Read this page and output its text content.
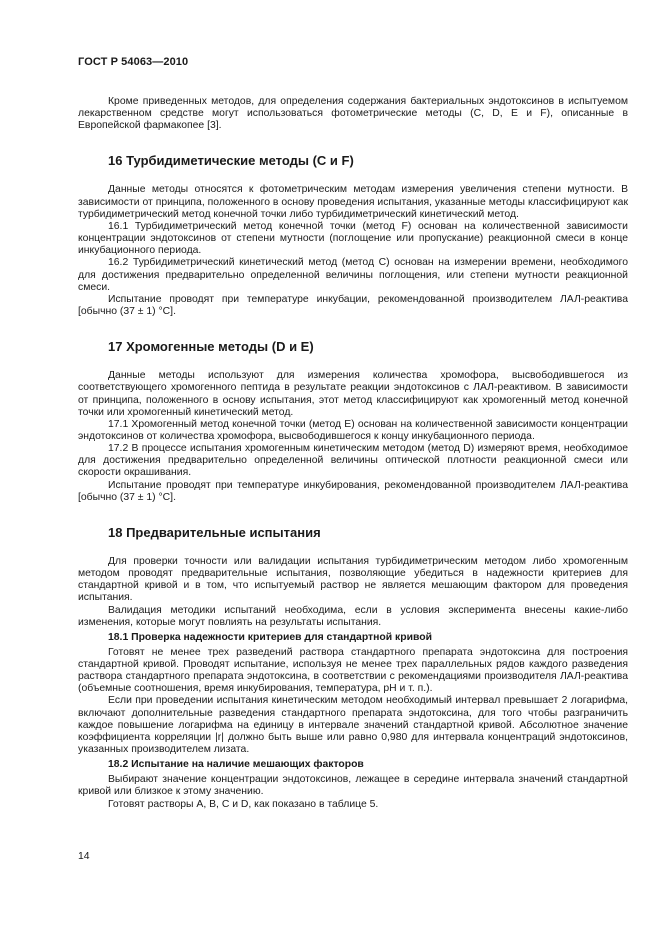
ГОСТ Р 54063—2010

Кроме приведенных методов, для определения содержания бактериальных эндотоксинов в испытуемом лекарственном средстве могут использоваться фотометрические методы (C, D, E и F), описанные в Европейской фармакопее [3].

16 Турбидиметические методы (C и F)

Данные методы относятся к фотометрическим методам измерения увеличения степени мутности. В зависимости от принципа, положенного в основу проведения испытания, указанные методы классифицируют как турбидиметрический метод конечной точки либо турбидиметрический кинетический метод.

16.1 Турбидиметрический метод конечной точки (метод F) основан на количественной зависимости концентрации эндотоксинов от степени мутности (поглощение или пропускание) реакционной смеси в конце инкубационного периода.

16.2 Турбидиметрический кинетический метод (метод C) основан на измерении времени, необходимого для достижения предварительно определенной величины поглощения, или степени мутности реакционной смеси.

Испытание проводят при температуре инкубации, рекомендованной производителем ЛАЛ-реактива [обычно (37 ± 1) °C].

17 Хромогенные методы (D и E)

Данные методы используют для измерения количества хромофора, высвободившегося из соответствующего хромогенного пептида в результате реакции эндотоксинов с ЛАЛ-реактивом. В зависимости от принципа, положенного в основу испытания, этот метод классифицируют как хромогенный метод конечной точки или хромогенный кинетический метод.

17.1 Хромогенный метод конечной точки (метод E) основан на количественной зависимости концентрации эндотоксинов от количества хромофора, высвободившегося к концу инкубационного периода.

17.2 В процессе испытания хромогенным кинетическим методом (метод D) измеряют время, необходимое для достижения предварительно определенной величины оптической плотности реакционной смеси или скорости окрашивания.

Испытание проводят при температуре инкубирования, рекомендованной производителем ЛАЛ-реактива [обычно (37 ± 1) °C].

18 Предварительные испытания

Для проверки точности или валидации испытания турбидиметрическим методом либо хромогенным методом проводят предварительные испытания, позволяющие убедиться в надежности критериев для стандартной кривой и в том, что испытуемый раствор не является мешающим фактором для проведения испытания.

Валидация методики испытаний необходима, если в условия эксперимента внесены какие-либо изменения, которые могут повлиять на результаты испытания.

18.1 Проверка надежности критериев для стандартной кривой

Готовят не менее трех разведений раствора стандартного препарата эндотоксина для построения стандартной кривой. Проводят испытание, используя не менее трех параллельных рядов каждого разведения раствора стандартного препарата эндотоксина, в соответствии с рекомендациями производителя ЛАЛ-реактива (объемные соотношения, время инкубирования, температура, pH и т. п.).

Если при проведении испытания кинетическим методом необходимый интервал превышает 2 логарифма, включают дополнительные разведения стандартного препарата эндотоксина, для того чтобы разграничить каждое повышение логарифма на единицу в интервале значений стандартной кривой. Абсолютное значение коэффициента корреляции |r| должно быть выше или равно 0,980 для интервала концентраций эндотоксинов, указанных производителем лизата.

18.2 Испытание на наличие мешающих факторов

Выбирают значение концентрации эндотоксинов, лежащее в середине интервала значений стандартной кривой или близкое к этому значению.

Готовят растворы A, B, C и D, как показано в таблице 5.

14
